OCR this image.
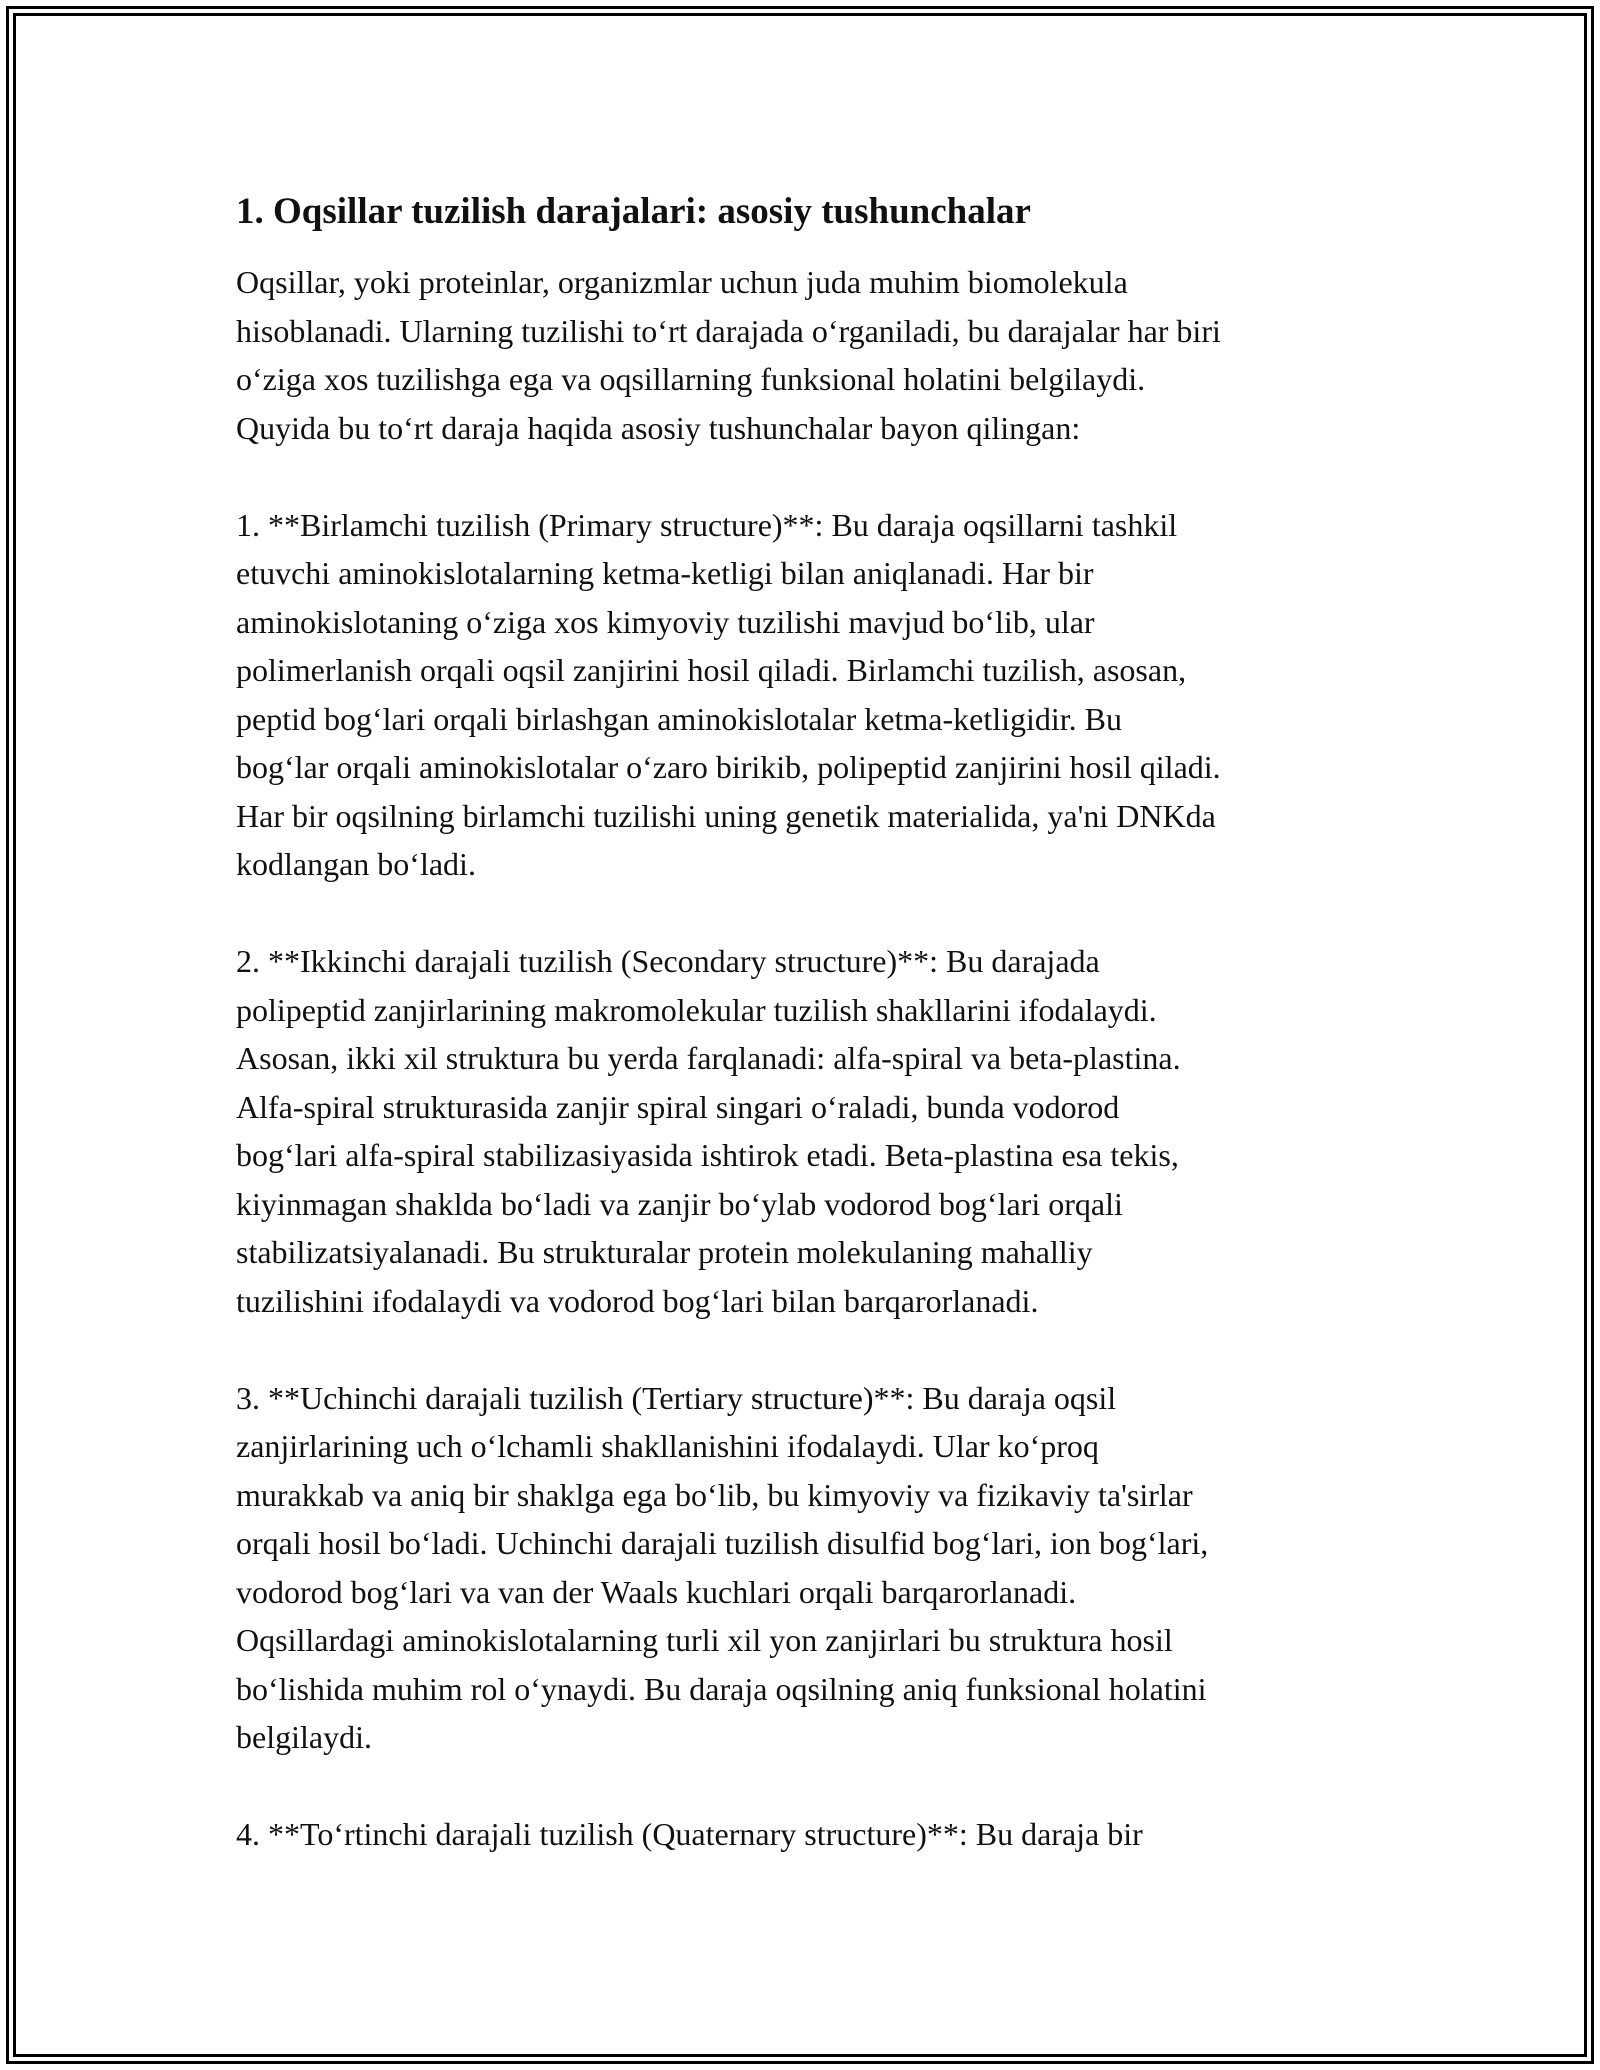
1. Oqsillar tuzilish darajalari: asosiy tushunchalar

Oqsillar, yoki proteinlar, organizmlar uchun juda muhim biomolekula
hisoblanadi. Ularning tuzilishi to‘rt darajada o‘rganiladi, bu darajalar har biri
o‘ziga xos tuzilishga ega va oqsillarning funksional holatini belgilaydi.
Quyida bu to‘rt daraja haqida asosiy tushunchalar bayon qilingan:

1. **Birlamchi tuzilish (Primary structure)**: Bu daraja oqsillarni tashkil
etuvchi aminokislotalarning ketma-ketligi bilan aniqlanadi. Har bir
aminokislotaning o‘ziga xos kimyoviy tuzilishi mavjud bo‘lib, ular
polimerlanish orqali oqsil zanjirini hosil qiladi. Birlamchi tuzilish, asosan,
peptid bog‘lari orqali birlashgan aminokislotalar ketma-ketligidir. Bu
bog‘lar orqali aminokislotalar o‘zaro birikib, polipeptid zanjirini hosil qiladi.
Har bir oqsilning birlamchi tuzilishi uning genetik materialida, ya'ni DNKda
kodlangan bo‘ladi.

2. **Ikkinchi darajali tuzilish (Secondary structure)**: Bu darajada
polipeptid zanjirlarining makromolekular tuzilish shakllarini ifodalaydi.
Asosan, ikki xil struktura bu yerda farqlanadi: alfa-spiral va beta-plastina.
Alfa-spiral strukturasida zanjir spiral singari o‘raladi, bunda vodorod
bog‘lari alfa-spiral stabilizasiyasida ishtirok etadi. Beta-plastina esa tekis,
kiyinmagan shaklda bo‘ladi va zanjir bo‘ylab vodorod bog‘lari orqali
stabilizatsiyalanadi. Bu strukturalar protein molekulaning mahalliy
tuzilishini ifodalaydi va vodorod bog‘lari bilan barqarorlanadi.

3. **Uchinchi darajali tuzilish (Tertiary structure)**: Bu daraja oqsil
zanjirlarining uch o‘lchamli shakllanishini ifodalaydi. Ular ko‘proq
murakkab va aniq bir shaklga ega bo‘lib, bu kimyoviy va fizikaviy ta'sirlar
orqali hosil bo‘ladi. Uchinchi darajali tuzilish disulfid bog‘lari, ion bog‘lari,
vodorod bog‘lari va van der Waals kuchlari orqali barqarorlanadi.
Oqsillardagi aminokislotalarning turli xil yon zanjirlari bu struktura hosil
bo‘lishida muhim rol o‘ynaydi. Bu daraja oqsilning aniq funksional holatini
belgilaydi.

4. **To‘rtinchi darajali tuzilish (Quaternary structure)**: Bu daraja bir
